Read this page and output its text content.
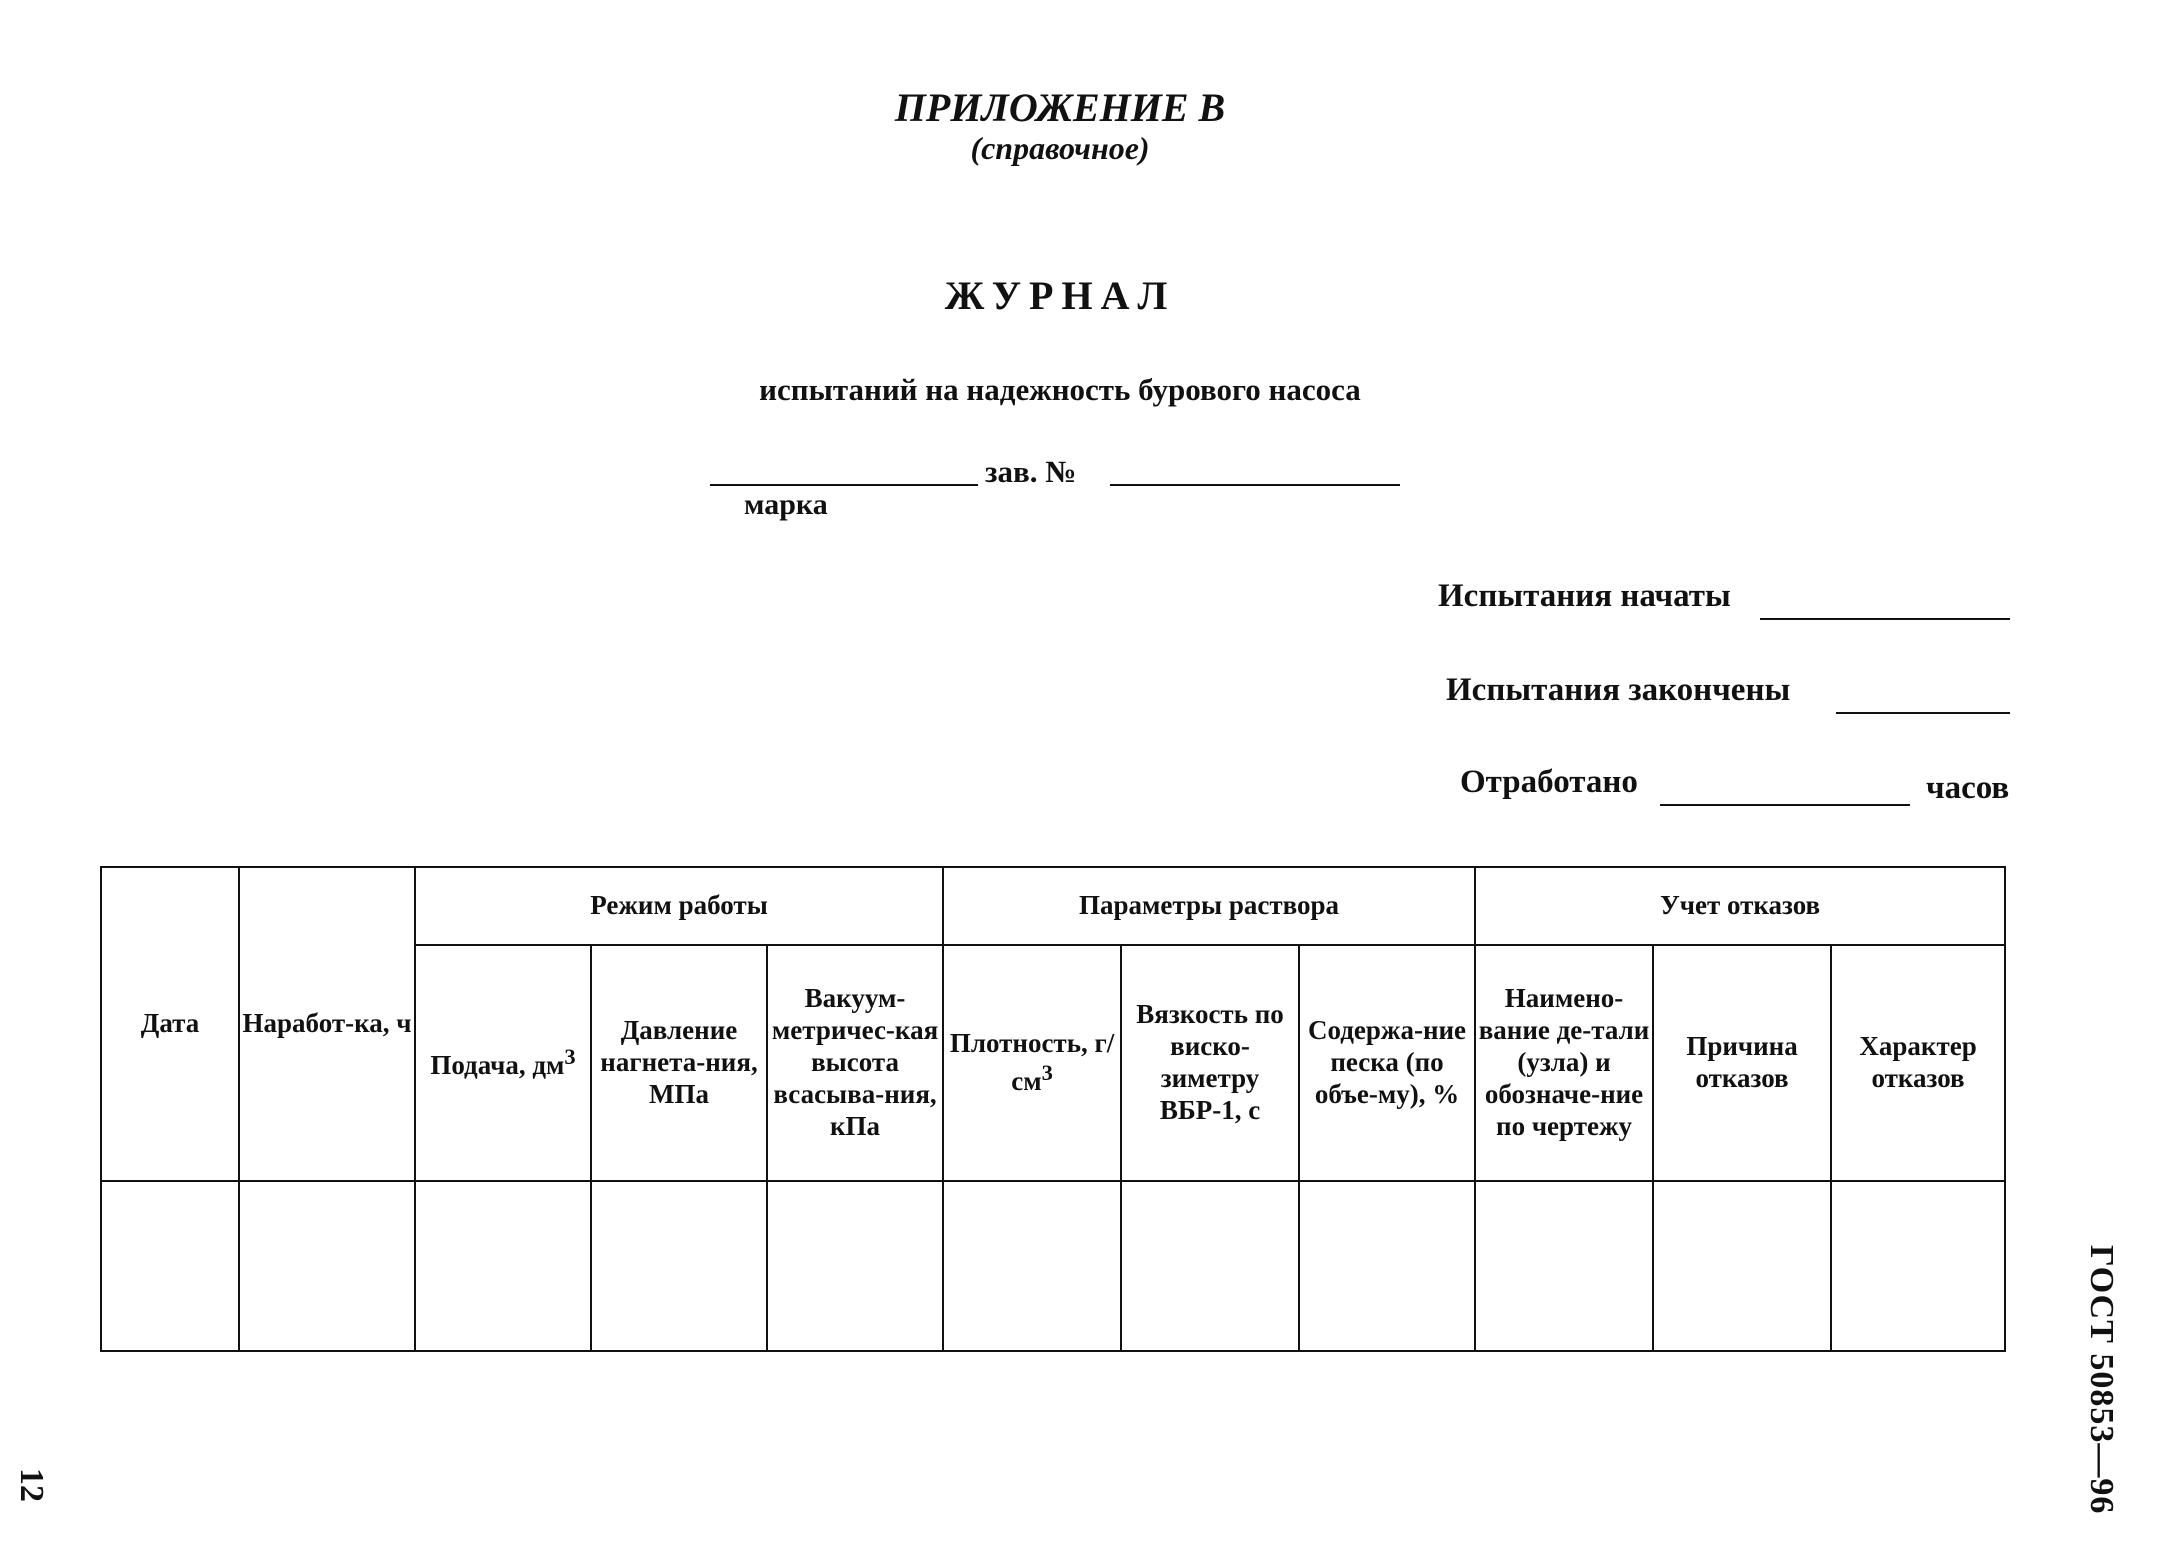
ПРИЛОЖЕНИЕ В
(справочное)
ЖУРНАЛ
испытаний на надежность бурового насоса
зав. №
марка
Испытания начаты
Испытания закончены
Отработано	часов
Дата	Наработ-ка, ч	Режим работы			Параметры раствора			Учет отказов		
		Подача, $дм^3$	Давление нагнета-ния, МПа	Вакуум-метричес-кая высота всасыва-ния, кПа	Плотность, $г/см^3$	Вязкость по виско-зиметру ВБР-1, с	Содержа-ние песка (по объе-му), %	Наимено-вание де-тали (узла) и обозначе-ние по чертежу	Причина отказов	Характер отказов

ГОСТ 50853—96
12
